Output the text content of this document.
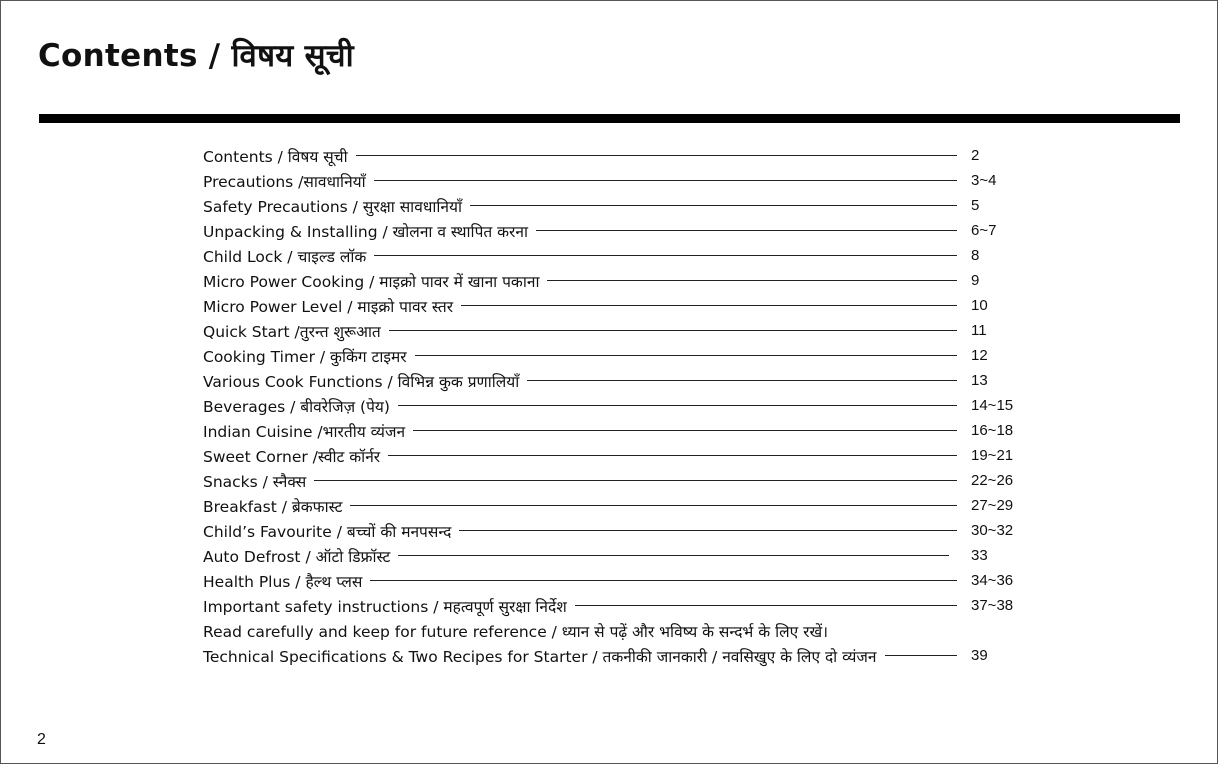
Contents / विषय सूची
Contents / विषय सूची	2
Precautions /सावधानियाँ	3~4
Safety Precautions / सुरक्षा सावधानियाँ	5
Unpacking & Installing / खोलना व स्थापित करना	6~7
Child Lock / चाइल्ड लॉक	8
Micro Power Cooking / माइक्रो पावर में खाना पकाना	9
Micro Power Level / माइक्रो पावर स्तर	10
Quick Start /तुरन्त शुरूआत	11
Cooking Timer / कुकिंग टाइमर	12
Various Cook Functions / विभिन्न कुक प्रणालियाँ	13
Beverages / बीवरेजिज़ (पेय)	14~15
Indian Cuisine /भारतीय व्यंजन	16~18
Sweet Corner /स्वीट कॉर्नर	19~21
Snacks / स्नैक्स	22~26
Breakfast / ब्रेकफास्ट	27~29
Child’s Favourite / बच्चों की मनपसन्द	30~32
Auto Defrost / ऑटो डिफ्रॉस्ट	33
Health Plus / हैल्थ प्लस	34~36
Important safety instructions / महत्वपूर्ण सुरक्षा निर्देश	37~38
Read carefully and keep for future reference / ध्यान से पढ़ें और भविष्य के सन्दर्भ के लिए रखें।
Technical Specifications & Two Recipes for Starter / तकनीकी जानकारी / नवसिखुए के लिए दो व्यंजन	39
2
